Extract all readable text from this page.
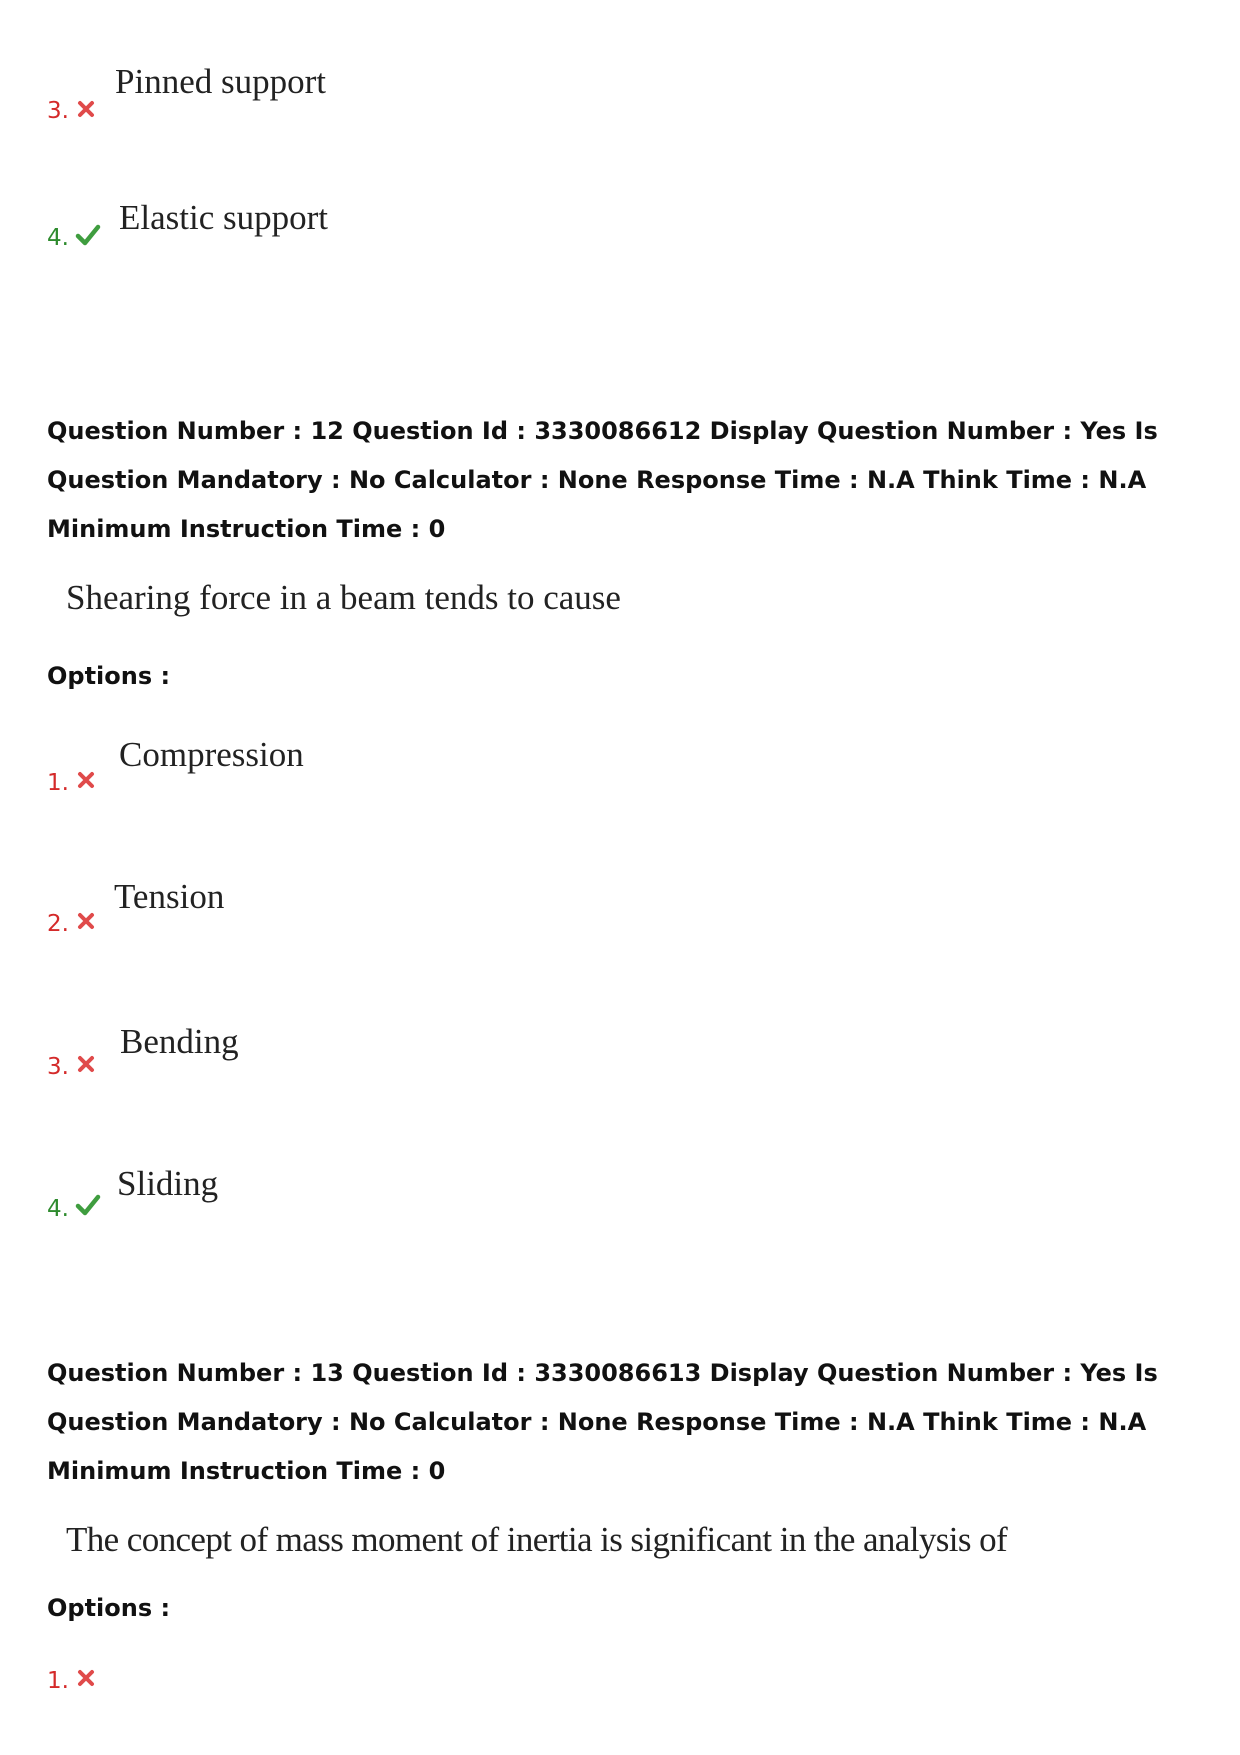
3.
Pinned support
4.
Elastic support
Question Number : 12 Question Id : 3330086612 Display Question Number : Yes Is Question Mandatory : No Calculator : None Response Time : N.A Think Time : N.A Minimum Instruction Time : 0
Shearing force in a beam tends to cause
Options :
1.
Compression
2.
Tension
3.
Bending
4.
Sliding
Question Number : 13 Question Id : 3330086613 Display Question Number : Yes Is Question Mandatory : No Calculator : None Response Time : N.A Think Time : N.A Minimum Instruction Time : 0
The concept of mass moment of inertia is significant in the analysis of
Options :
1.
